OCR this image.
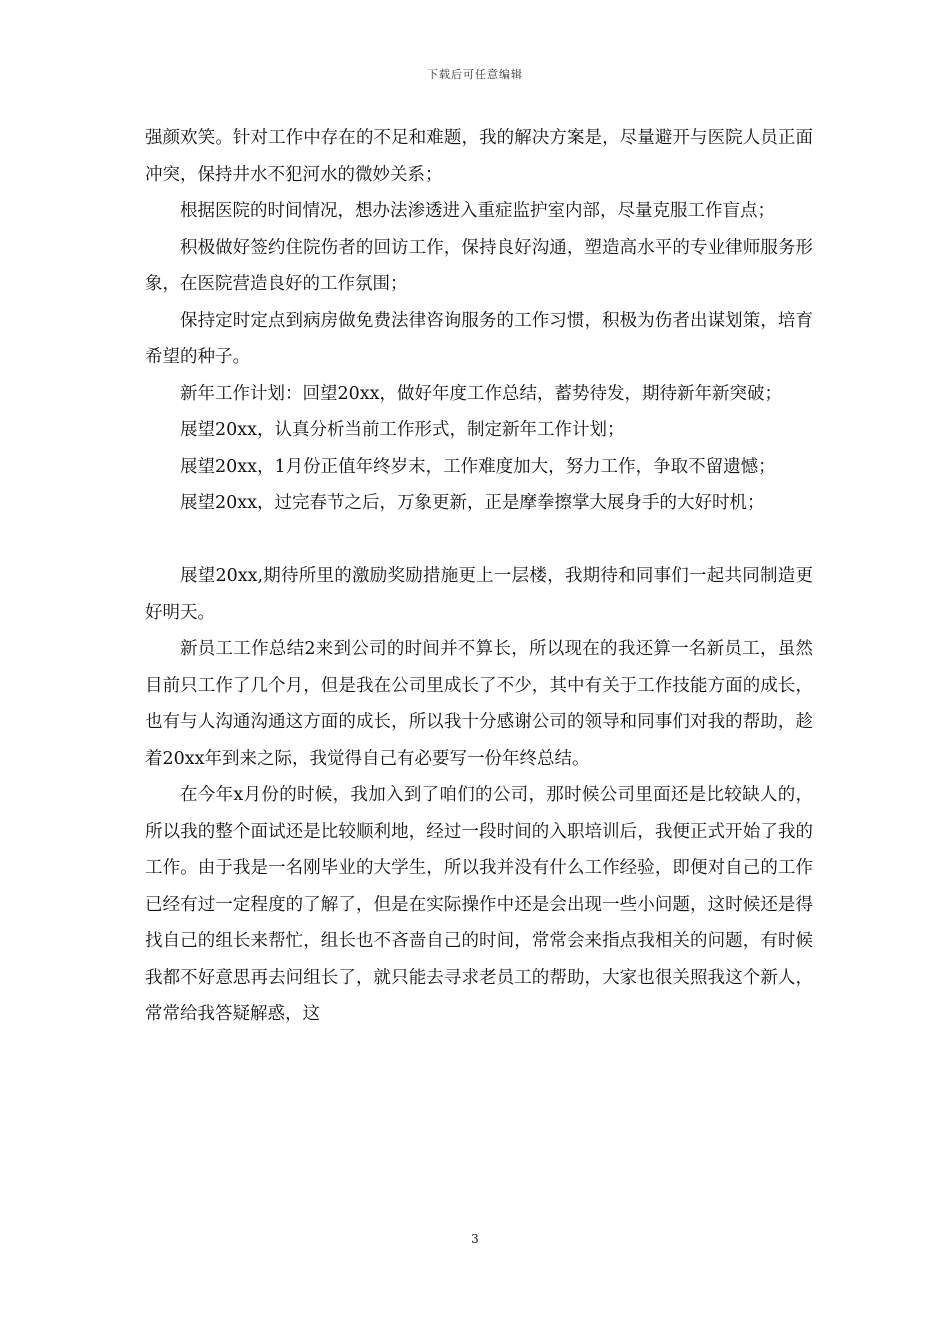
下载后可任意编辑

强颜欢笑。针对工作中存在的不足和难题，我的解决方案是，尽量避开与医院人员正面冲突，保持井水不犯河水的微妙关系；

根据医院的时间情况，想办法渗透进入重症监护室内部，尽量克服工作盲点；

积极做好签约住院伤者的回访工作，保持良好沟通，塑造高水平的专业律师服务形象，在医院营造良好的工作氛围；

保持定时定点到病房做免费法律咨询服务的工作习惯，积极为伤者出谋划策，培育希望的种子。

新年工作计划：回望20xx，做好年度工作总结，蓄势待发，期待新年新突破；

展望20xx，认真分析当前工作形式，制定新年工作计划；

展望20xx，1月份正值年终岁末，工作难度加大，努力工作，争取不留遗憾；

展望20xx，过完春节之后，万象更新，正是摩拳擦掌大展身手的大好时机；

展望20xx,期待所里的激励奖励措施更上一层楼，我期待和同事们一起共同制造更好明天。

新员工工作总结2来到公司的时间并不算长，所以现在的我还算一名新员工，虽然目前只工作了几个月，但是我在公司里成长了不少，其中有关于工作技能方面的成长，也有与人沟通沟通这方面的成长，所以我十分感谢公司的领导和同事们对我的帮助，趁着20xx年到来之际，我觉得自己有必要写一份年终总结。

在今年x月份的时候，我加入到了咱们的公司，那时候公司里面还是比较缺人的，所以我的整个面试还是比较顺利地，经过一段时间的入职培训后，我便正式开始了我的工作。由于我是一名刚毕业的大学生，所以我并没有什么工作经验，即便对自己的工作已经有过一定程度的了解了，但是在实际操作中还是会出现一些小问题，这时候还是得找自己的组长来帮忙，组长也不吝啬自己的时间，常常会来指点我相关的问题，有时候我都不好意思再去问组长了，就只能去寻求老员工的帮助，大家也很关照我这个新人，常常给我答疑解惑，这

3
